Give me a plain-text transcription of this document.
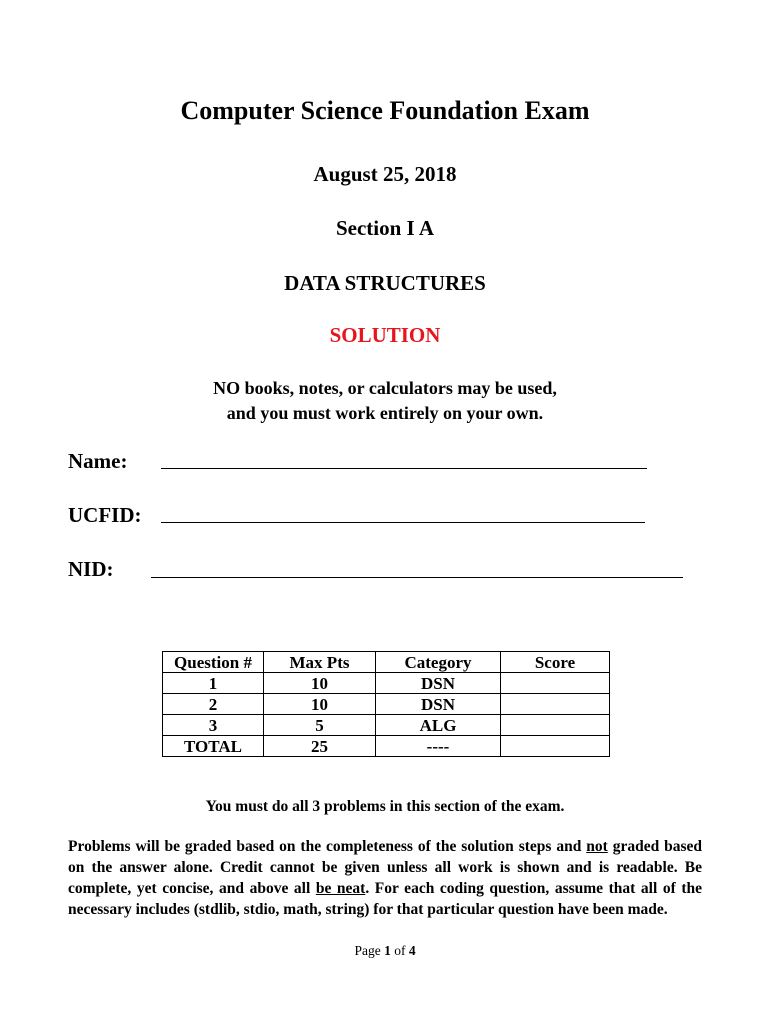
Computer Science Foundation Exam
August 25, 2018
Section I A
DATA STRUCTURES
SOLUTION
NO books, notes, or calculators may be used,
and you must work entirely on your own.
Name:
UCFID:
NID:
Question #	Max Pts	Category	Score
1	10	DSN	
2	10	DSN	
3	5	ALG	
TOTAL	25	----	
You must do all 3 problems in this section of the exam.
Problems will be graded based on the completeness of the solution steps and not graded based on the answer alone. Credit cannot be given unless all work is shown and is readable. Be complete, yet concise, and above all be neat. For each coding question, assume that all of the necessary includes (stdlib, stdio, math, string) for that particular question have been made.
Page 1 of 4
